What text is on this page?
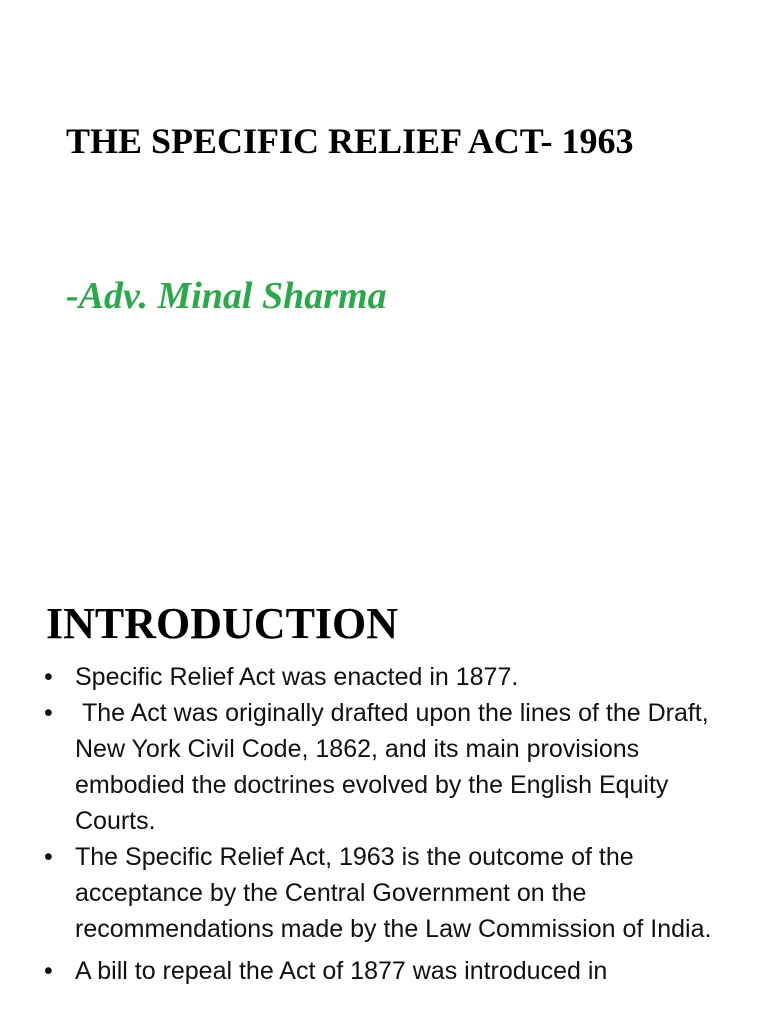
THE SPECIFIC RELIEF ACT- 1963

-Adv. Minal Sharma

INTRODUCTION
• Specific Relief Act was enacted in 1877.
• The Act was originally drafted upon the lines of the Draft, New York Civil Code, 1862, and its main provisions embodied the doctrines evolved by the English Equity Courts.
• The Specific Relief Act, 1963 is the outcome of the acceptance by the Central Government on the recommendations made by the Law Commission of India.
• A bill to repeal the Act of 1877 was introduced in
